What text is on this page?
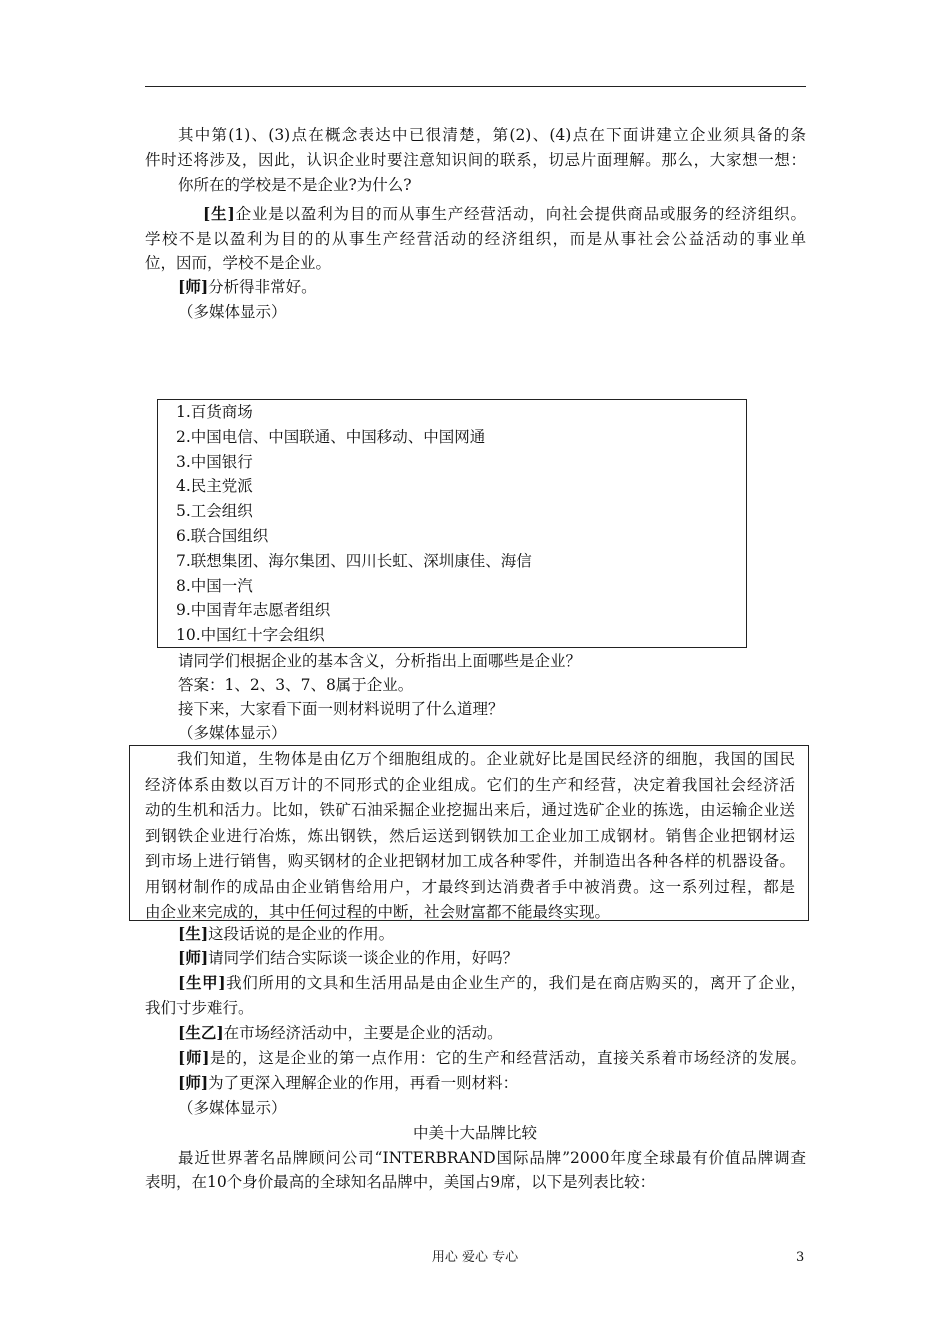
其中第(1)、(3)点在概念表达中已很清楚，第(2)、(4)点在下面讲建立企业须具备的条
件时还将涉及，因此，认识企业时要注意知识间的联系，切忌片面理解。那么，大家想一想：
你所在的学校是不是企业?为什么?
[生]企业是以盈利为目的而从事生产经营活动，向社会提供商品或服务的经济组织。
学校不是以盈利为目的的从事生产经营活动的经济组织，而是从事社会公益活动的事业单
位，因而，学校不是企业。
[师]分析得非常好。
（多媒体显示）
1.百货商场
2.中国电信、中国联通、中国移动、中国网通
3.中国银行
4.民主党派
5.工会组织
6.联合国组织
7.联想集团、海尔集团、四川长虹、深圳康佳、海信
8.中国一汽
9.中国青年志愿者组织
10.中国红十字会组织
请同学们根据企业的基本含义，分析指出上面哪些是企业？
答案：1、2、3、7、8属于企业。
接下来，大家看下面一则材料说明了什么道理？
（多媒体显示）
我们知道，生物体是由亿万个细胞组成的。企业就好比是国民经济的细胞，我国的国民
经济体系由数以百万计的不同形式的企业组成。它们的生产和经营，决定着我国社会经济活
动的生机和活力。比如，铁矿石油采掘企业挖掘出来后，通过选矿企业的拣选，由运输企业送
到钢铁企业进行冶炼，炼出钢铁，然后运送到钢铁加工企业加工成钢材。销售企业把钢材运
到市场上进行销售，购买钢材的企业把钢材加工成各种零件，并制造出各种各样的机器设备。
用钢材制作的成品由企业销售给用户，才最终到达消费者手中被消费。这一系列过程，都是
由企业来完成的，其中任何过程的中断，社会财富都不能最终实现。
[生]这段话说的是企业的作用。
[师]请同学们结合实际谈一谈企业的作用，好吗？
[生甲]我们所用的文具和生活用品是由企业生产的，我们是在商店购买的，离开了企业，
我们寸步难行。
[生乙]在市场经济活动中，主要是企业的活动。
[师]是的，这是企业的第一点作用：它的生产和经营活动，直接关系着市场经济的发展。
[师]为了更深入理解企业的作用，再看一则材料：
（多媒体显示）
中美十大品牌比较
最近世界著名品牌顾问公司“INTERBRAND国际品牌”2000年度全球最有价值品牌调查
表明，在10个身价最高的全球知名品牌中，美国占9席，以下是列表比较：
用心 爱心 专心	3
